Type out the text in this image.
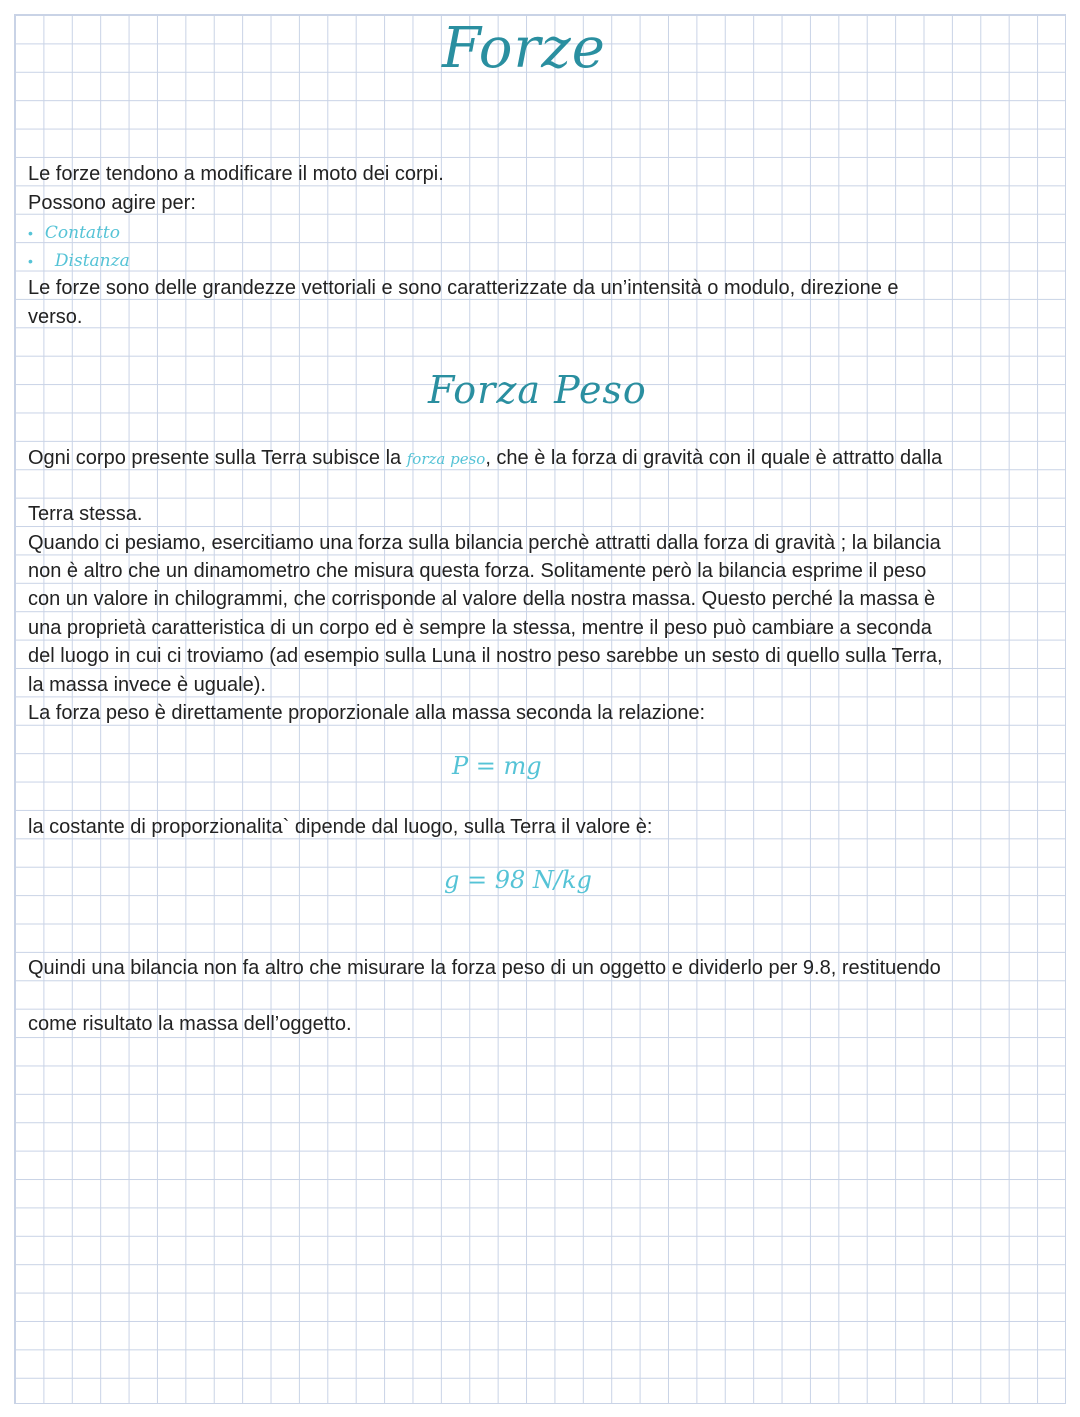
Forze
Le forze tendono a modificare il moto dei corpi.
Possono agire per:
• Contatto
• Distanza
Le forze sono delle grandezze vettoriali e sono caratterizzate da un’intensità o modulo, direzione e
verso.
Forza Peso
Ogni corpo presente sulla Terra subisce la forza peso, che è la forza di gravità con il quale è attratto dalla
Terra stessa.
Quando ci pesiamo, esercitiamo una forza sulla bilancia perchè attratti dalla forza di gravità ; la bilancia
non è altro che un dinamometro che misura questa forza. Solitamente però la bilancia esprime il peso
con un valore in chilogrammi, che corrisponde al valore della nostra massa. Questo perché la massa è
una proprietà caratteristica di un corpo ed è sempre la stessa, mentre il peso può cambiare a seconda
del luogo in cui ci troviamo (ad esempio sulla Luna il nostro peso sarebbe un sesto di quello sulla Terra,
la massa invece è uguale).
La forza peso è direttamente proporzionale alla massa seconda la relazione:
P = mg
la costante di proporzionalita` dipende dal luogo, sulla Terra il valore è:
g = 98 N/kg
Quindi una bilancia non fa altro che misurare la forza peso di un oggetto e dividerlo per 9.8, restituendo
come risultato la massa dell’oggetto.
